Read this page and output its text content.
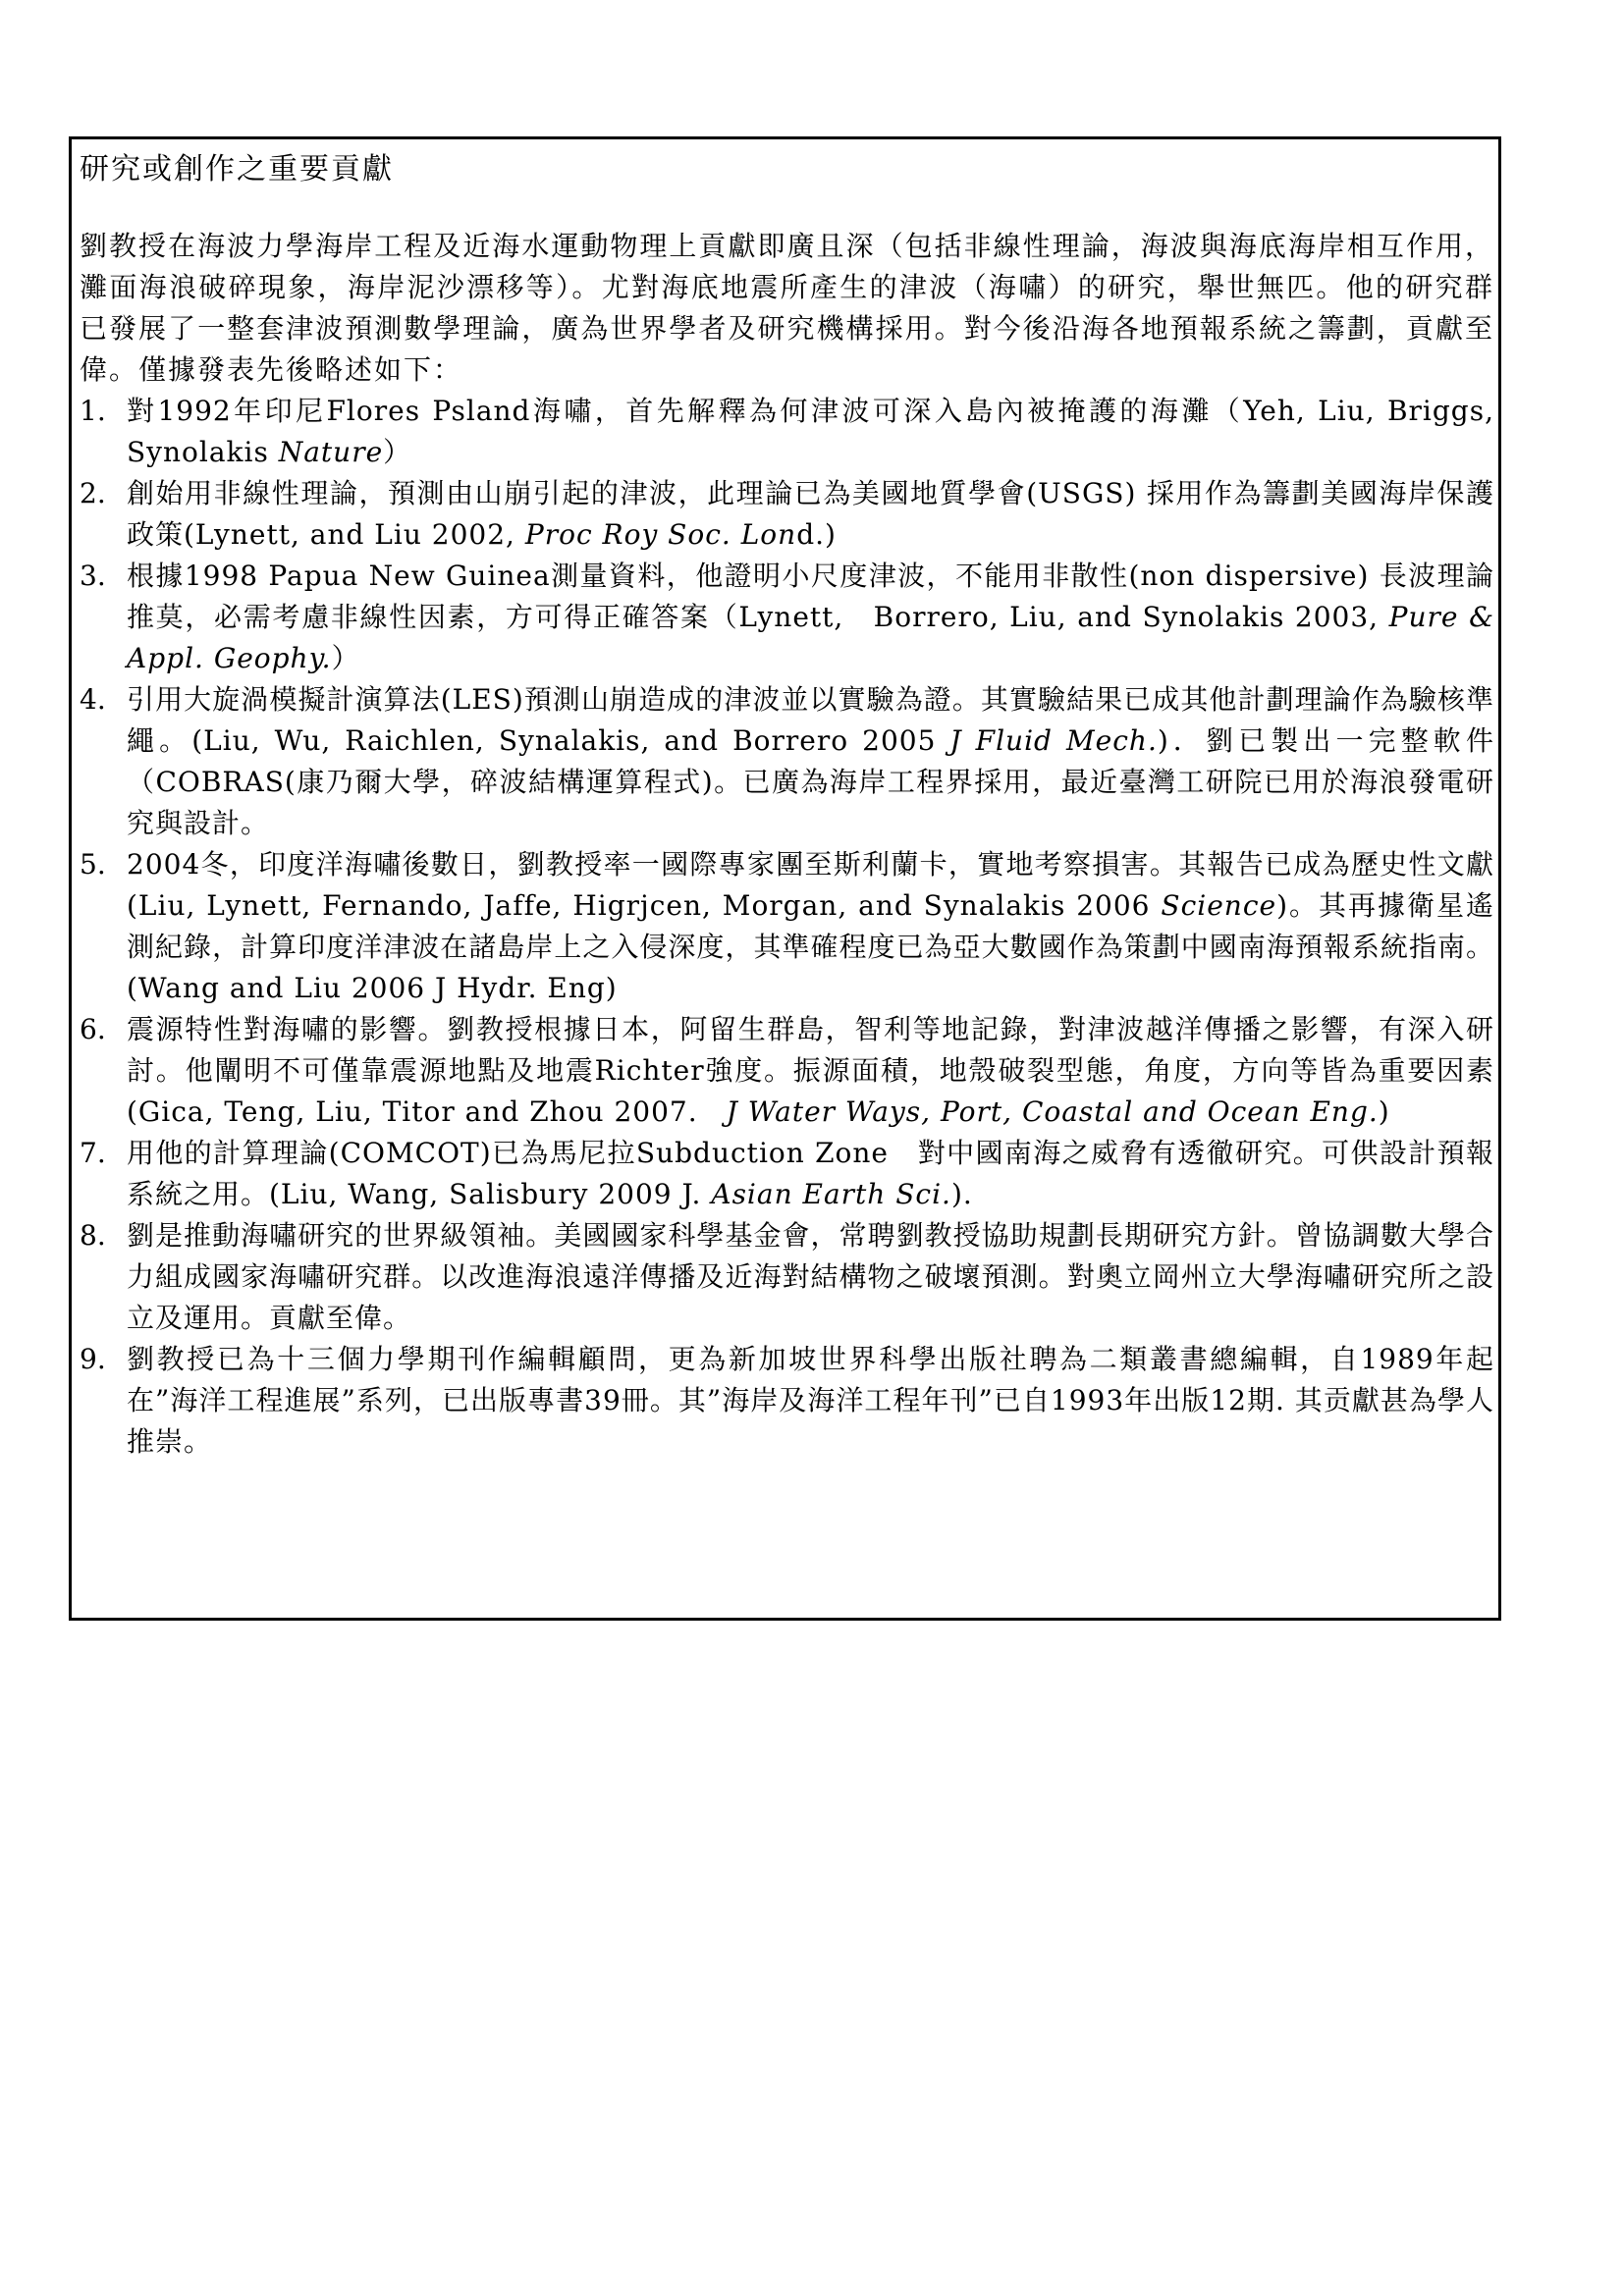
研究或創作之重要貢獻

劉教授在海波力學海岸工程及近海水運動物理上貢獻即廣且深（包括非線性理論，海波與海底海岸相互作用，灘面海浪破碎現象，海岸泥沙漂移等）。尤對海底地震所產生的津波（海嘯）的研究，舉世無匹。他的研究群已發展了一整套津波預測數學理論，廣為世界學者及研究機構採用。對今後沿海各地預報系統之籌劃，貢獻至偉。僅據發表先後略述如下：

1. 對1992年印尼Flores Psland海嘯，首先解釋為何津波可深入島內被掩護的海灘（Yeh, Liu, Briggs, Synolakis Nature）
2. 創始用非線性理論，預測由山崩引起的津波，此理論已為美國地質學會(USGS) 採用作為籌劃美國海岸保護政策(Lynett, and Liu 2002, Proc Roy Soc. Lond.)
3. 根據1998 Papua New Guinea測量資料，他證明小尺度津波，不能用非散性(non dispersive) 長波理論推莫，必需考慮非線性因素，方可得正確答案（Lynett,　Borrero, Liu, and Synolakis 2003, Pure & Appl. Geophy.）
4. 引用大旋渦模擬計演算法(LES)預測山崩造成的津波並以實驗為證。其實驗結果已成其他計劃理論作為驗核準繩。(Liu, Wu, Raichlen, Synalakis, and Borrero 2005 J Fluid Mech.)．劉已製出一完整軟件（COBRAS(康乃爾大學，碎波結構運算程式)。已廣為海岸工程界採用，最近臺灣工研院已用於海浪發電研究與設計。
5. 2004冬，印度洋海嘯後數日，劉教授率一國際專家團至斯利蘭卡，實地考察損害。其報告已成為歷史性文獻(Liu, Lynett, Fernando, Jaffe, Higrjcen, Morgan, and Synalakis 2006 Science)。其再據衛星遙測紀錄，計算印度洋津波在諸島岸上之入侵深度，其準確程度已為亞大數國作為策劃中國南海預報系統指南。(Wang and Liu 2006 J Hydr. Eng)
6. 震源特性對海嘯的影響。劉教授根據日本，阿留生群島，智利等地記錄，對津波越洋傳播之影響，有深入研討。他闡明不可僅靠震源地點及地震Richter強度。振源面積，地殼破裂型態，角度，方向等皆為重要因素(Gica, Teng, Liu, Titor and Zhou 2007.　J Water Ways, Port, Coastal and Ocean Eng.)
7. 用他的計算理論(COMCOT)已為馬尼拉Subduction Zone　對中國南海之威脅有透徹研究。可供設計預報系統之用。(Liu, Wang, Salisbury 2009 J. Asian Earth Sci.).
8. 劉是推動海嘯研究的世界級領袖。美國國家科學基金會，常聘劉教授協助規劃長期研究方針。曾協調數大學合力組成國家海嘯研究群。以改進海浪遠洋傳播及近海對結構物之破壞預測。對奧立岡州立大學海嘯研究所之設立及運用。貢獻至偉。
9. 劉教授已為十三個力學期刊作編輯顧問，更為新加坡世界科學出版社聘為二類叢書總編輯，自1989年起在”海洋工程進展”系列，已出版專書39冊。其”海岸及海洋工程年刊”已自1993年出版12期. 其贡獻甚為學人推崇。
